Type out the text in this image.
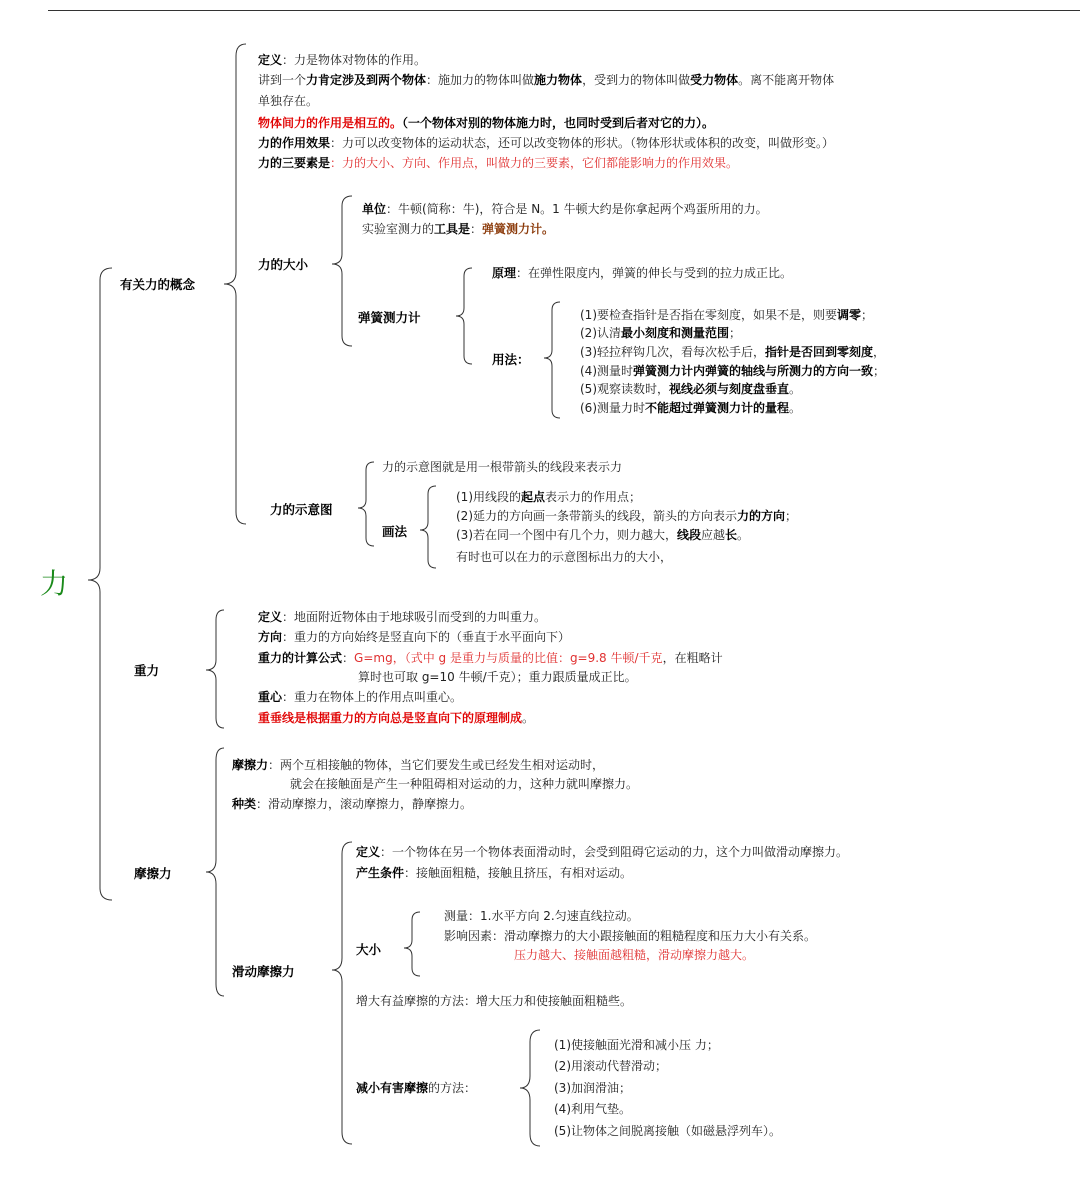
力
有关力的概念
定义：力是物体对物体的作用。
讲到一个力肯定涉及到两个物体：施加力的物体叫做施力物体，受到力的物体叫做受力物体。离不能离开物体
单独存在。
物体间力的作用是相互的。（一个物体对别的物体施力时，也同时受到后者对它的力）。
力的作用效果：力可以改变物体的运动状态，还可以改变物体的形状。（物体形状或体积的改变，叫做形变。）
力的三要素是：力的大小、方向、作用点，叫做力的三要素，它们都能影响力的作用效果。
力的大小
单位：牛顿(简称：牛)，符合是 N。1 牛顿大约是你拿起两个鸡蛋所用的力。
实验室测力的工具是：弹簧测力计。
弹簧测力计
原理：在弹性限度内，弹簧的伸长与受到的拉力成正比。
用法：
(1)要检查指针是否指在零刻度，如果不是，则要调零；
(2)认清最小刻度和测量范围；
(3)轻拉秤钩几次，看每次松手后，指针是否回到零刻度，
(4)测量时弹簧测力计内弹簧的轴线与所测力的方向一致；
(5)观察读数时，视线必须与刻度盘垂直。
(6)测量力时不能超过弹簧测力计的量程。
力的示意图
力的示意图就是用一根带箭头的线段来表示力
画法
(1)用线段的起点表示力的作用点；
(2)延力的方向画一条带箭头的线段，箭头的方向表示力的方向；
(3)若在同一个图中有几个力，则力越大，线段应越长。
有时也可以在力的示意图标出力的大小，
重力
定义：地面附近物体由于地球吸引而受到的力叫重力。
方向：重力的方向始终是竖直向下的（垂直于水平面向下）
重力的计算公式：G=mg，（式中 g 是重力与质量的比值：g=9.8 牛顿/千克，在粗略计
算时也可取 g=10 牛顿/千克）；重力跟质量成正比。
重心：重力在物体上的作用点叫重心。
重垂线是根据重力的方向总是竖直向下的原理制成。
摩擦力
摩擦力：两个互相接触的物体，当它们要发生或已经发生相对运动时，
就会在接触面是产生一种阻碍相对运动的力，这种力就叫摩擦力。
种类：滑动摩擦力，滚动摩擦力，静摩擦力。
滑动摩擦力
定义：一个物体在另一个物体表面滑动时，会受到阻碍它运动的力，这个力叫做滑动摩擦力。
产生条件：接触面粗糙，接触且挤压，有相对运动。
大小
测量：1.水平方向 2.匀速直线拉动。
影响因素：滑动摩擦力的大小跟接触面的粗糙程度和压力大小有关系。
压力越大、接触面越粗糙，滑动摩擦力越大。
增大有益摩擦的方法：增大压力和使接触面粗糙些。
减小有害摩擦的方法：
(1)使接触面光滑和减小压 力；
(2)用滚动代替滑动；
(3)加润滑油；
(4)利用气垫。
(5)让物体之间脱离接触（如磁悬浮列车）。
